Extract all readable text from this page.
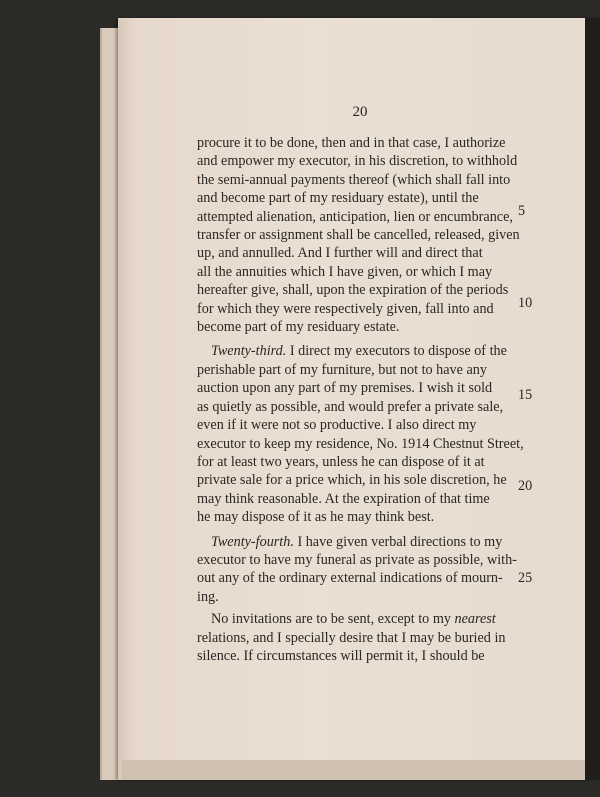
20

procure it to be done, then and in that case, I authorize
and empower my executor, in his discretion, to withhold
the semi-annual payments thereof (which shall fall into
and become part of my residuary estate), until the
attempted alienation, anticipation, lien or encumbrance,
transfer or assignment shall be cancelled, released, given
up, and annulled. And I further will and direct that
all the annuities which I have given, or which I may
hereafter give, shall, upon the expiration of the periods
for which they were respectively given, fall into and
become part of my residuary estate.

Twenty-third. I direct my executors to dispose of the
perishable part of my furniture, but not to have any
auction upon any part of my premises. I wish it sold
as quietly as possible, and would prefer a private sale,
even if it were not so productive. I also direct my
executor to keep my residence, No. 1914 Chestnut Street,
for at least two years, unless he can dispose of it at
private sale for a price which, in his sole discretion, he
may think reasonable. At the expiration of that time
he may dispose of it as he may think best.

Twenty-fourth. I have given verbal directions to my
executor to have my funeral as private as possible, with-
out any of the ordinary external indications of mourn-
ing.

No invitations are to be sent, except to my nearest
relations, and I specially desire that I may be buried in
silence. If circumstances will permit it, I should be

5
10
15
20
25
